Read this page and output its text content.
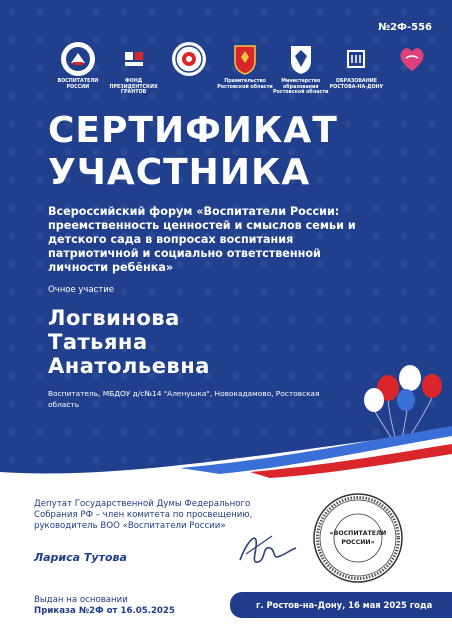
№2Ф-556
ВОСПИТАТЕЛИ РОССИИ
ФОНД ПРЕЗИДЕНТСКИХ ГРАНТОВ
Правительство Ростовской области
Министерство образования Ростовской области
ОБРАЗОВАНИЕ РОСТОВА-НА-ДОНУ
СЕРТИФИКАТ
УЧАСТНИКА
Всероссийский форум «Воспитатели России: преемственность ценностей и смыслов семьи и детского сада в вопросах воспитания патриотичной и социально ответственной личности ребёнка»
Очное участие
Логвинова
Татьяна
Анатольевна
Воспитатель, МБДОУ д/с№14 "Аленушка", Новокадамово, Ростовская область
Депутат Государственной Думы Федерального Собрания РФ – член комитета по просвещению, руководитель ВОО «Воспитатели России»
Лариса Тутова
«ВОСПИТАТЕЛИ
РОССИИ»
Выдан на основании
Приказа №2Ф от 16.05.2025
г. Ростов-на-Дону, 16 мая 2025 года
